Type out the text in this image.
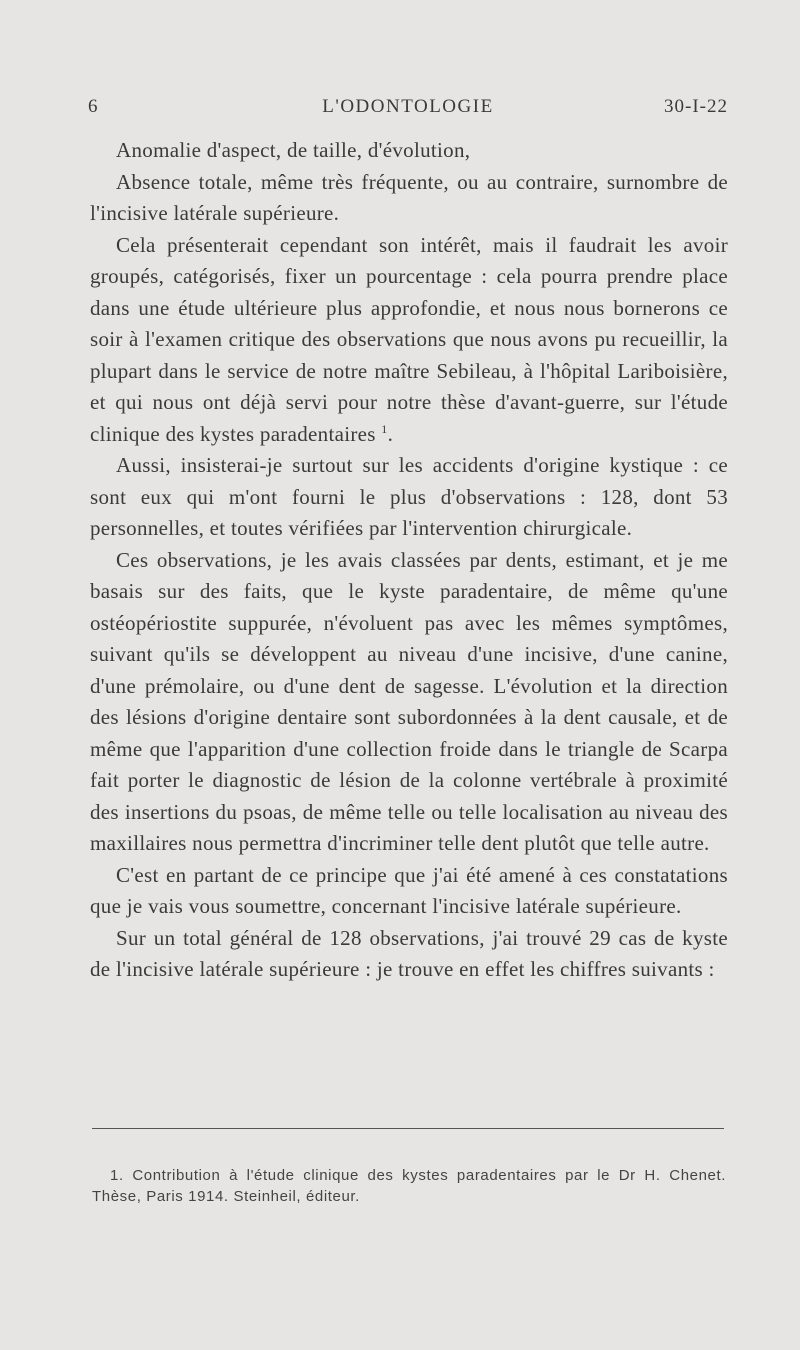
6	L'ODONTOLOGIE	30-I-22

Anomalie d'aspect, de taille, d'évolution,

Absence totale, même très fréquente, ou au contraire, surnombre de l'incisive latérale supérieure.

Cela présenterait cependant son intérêt, mais il faudrait les avoir groupés, catégorisés, fixer un pourcentage : cela pourra prendre place dans une étude ultérieure plus approfondie, et nous nous bornerons ce soir à l'examen critique des observations que nous avons pu recueillir, la plupart dans le service de notre maître Sebileau, à l'hôpital Lariboisière, et qui nous ont déjà servi pour notre thèse d'avant-guerre, sur l'étude clinique des kystes paradentaires $^1$.

Aussi, insisterai-je surtout sur les accidents d'origine kystique : ce sont eux qui m'ont fourni le plus d'observations : 128, dont 53 personnelles, et toutes vérifiées par l'intervention chirurgicale.

Ces observations, je les avais classées par dents, estimant, et je me basais sur des faits, que le kyste paradentaire, de même qu'une ostéopériostite suppurée, n'évoluent pas avec les mêmes symptômes, suivant qu'ils se développent au niveau d'une incisive, d'une canine, d'une prémolaire, ou d'une dent de sagesse. L'évolution et la direction des lésions d'origine dentaire sont subordonnées à la dent causale, et de même que l'apparition d'une collection froide dans le triangle de Scarpa fait porter le diagnostic de lésion de la colonne vertébrale à proximité des insertions du psoas, de même telle ou telle localisation au niveau des maxillaires nous permettra d'incriminer telle dent plutôt que telle autre.

C'est en partant de ce principe que j'ai été amené à ces constatations que je vais vous soumettre, concernant l'incisive latérale supérieure.

Sur un total général de 128 observations, j'ai trouvé 29 cas de kyste de l'incisive latérale supérieure : je trouve en effet les chiffres suivants :

1. Contribution à l'étude clinique des kystes paradentaires par le Dr H. Chenet. Thèse, Paris 1914. Steinheil, éditeur.
